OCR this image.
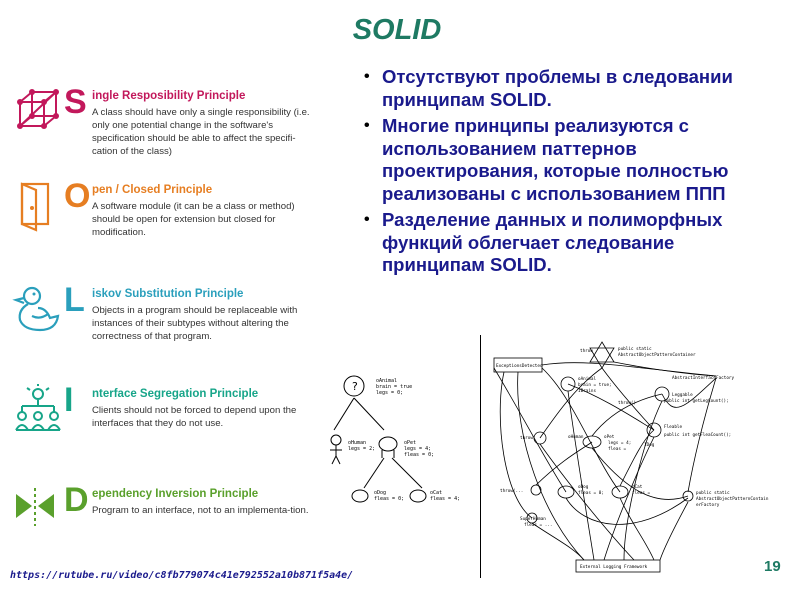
SOLID
S ingle Resposibility Principle
A class should have only a single responsibility (i.e. only one potential change in the software's specification should be able to affect the specifi-cation of the class)
O pen / Closed Principle
A software module (it can be a class or method) should be open for extension but closed for modification.
L iskov Substitution Principle
Objects in a program should be replaceable with instances of their subtypes without altering the correctness of that program.
I nterface Segregation Principle
Clients should not be forced to depend upon the interfaces that they do not use.
D ependency Inversion Principle
Program to an interface, not to an implementa-tion.
• Отсутствуют проблемы в следовании принципам SOLID.
• Многие принципы реализуются с использованием паттернов проектирования, которые полностью реализованы с использованием ППП
• Разделение данных и полиморфных функций облегчает следование принципам SOLID.
?	oAnimal
brain = true
legs = 0;
oHuman
legs = 2;
oPet
legs = 4;
fleas = 0;
oDog
fleas = 0;
oCat
fleas = 4;
ExceptionsDetected
throw	public static
AbstractObjectPatternContainer
AbstractInterfaceFactory
oAnimal
brain = true;
IBrains
Leggable
public int getLegCount();
throw()
Fleable
public int getFleaCount();
throw	oHuman	oPet
legs = 4;
fleas =
IDog
throw(...
oDog
fleas = 0;
oCat
fleas =	public static
AbstractObjectPatternContain
erFactory
SuperHuman
fleas = ...
External Logging Framework	19
https://rutube.ru/video/c8fb779074c41e792552a10b871f5a4e/
